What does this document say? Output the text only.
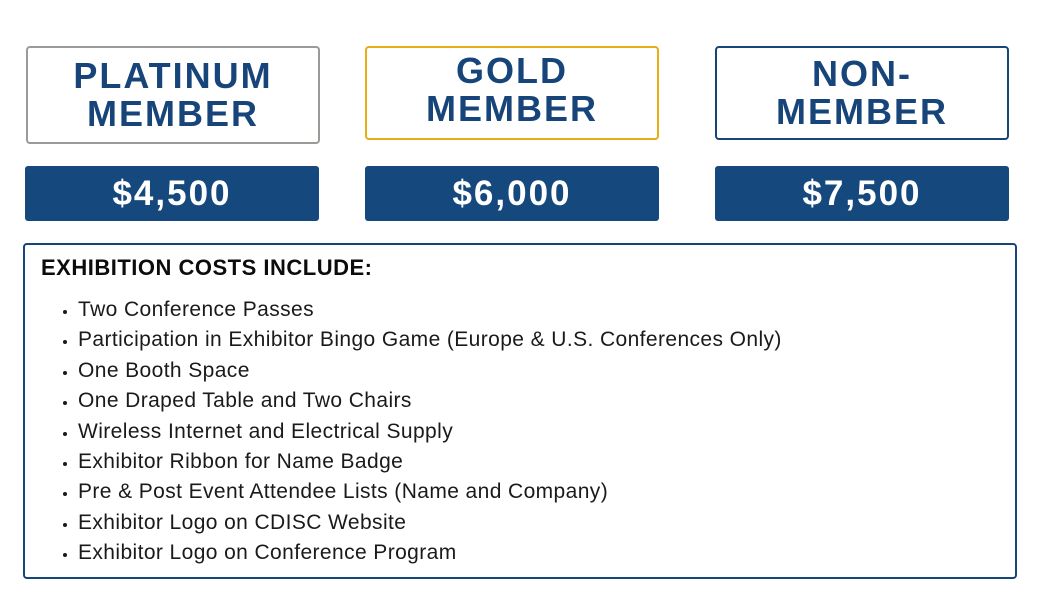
PLATINUM
MEMBER
GOLD
MEMBER
NON-
MEMBER
$4,500	$6,000	$7,500
EXHIBITION COSTS INCLUDE:
• Two Conference Passes
• Participation in Exhibitor Bingo Game (Europe & U.S. Conferences Only)
• One Booth Space
• One Draped Table and Two Chairs
• Wireless Internet and Electrical Supply
• Exhibitor Ribbon for Name Badge
• Pre & Post Event Attendee Lists (Name and Company)
• Exhibitor Logo on CDISC Website
• Exhibitor Logo on Conference Program
